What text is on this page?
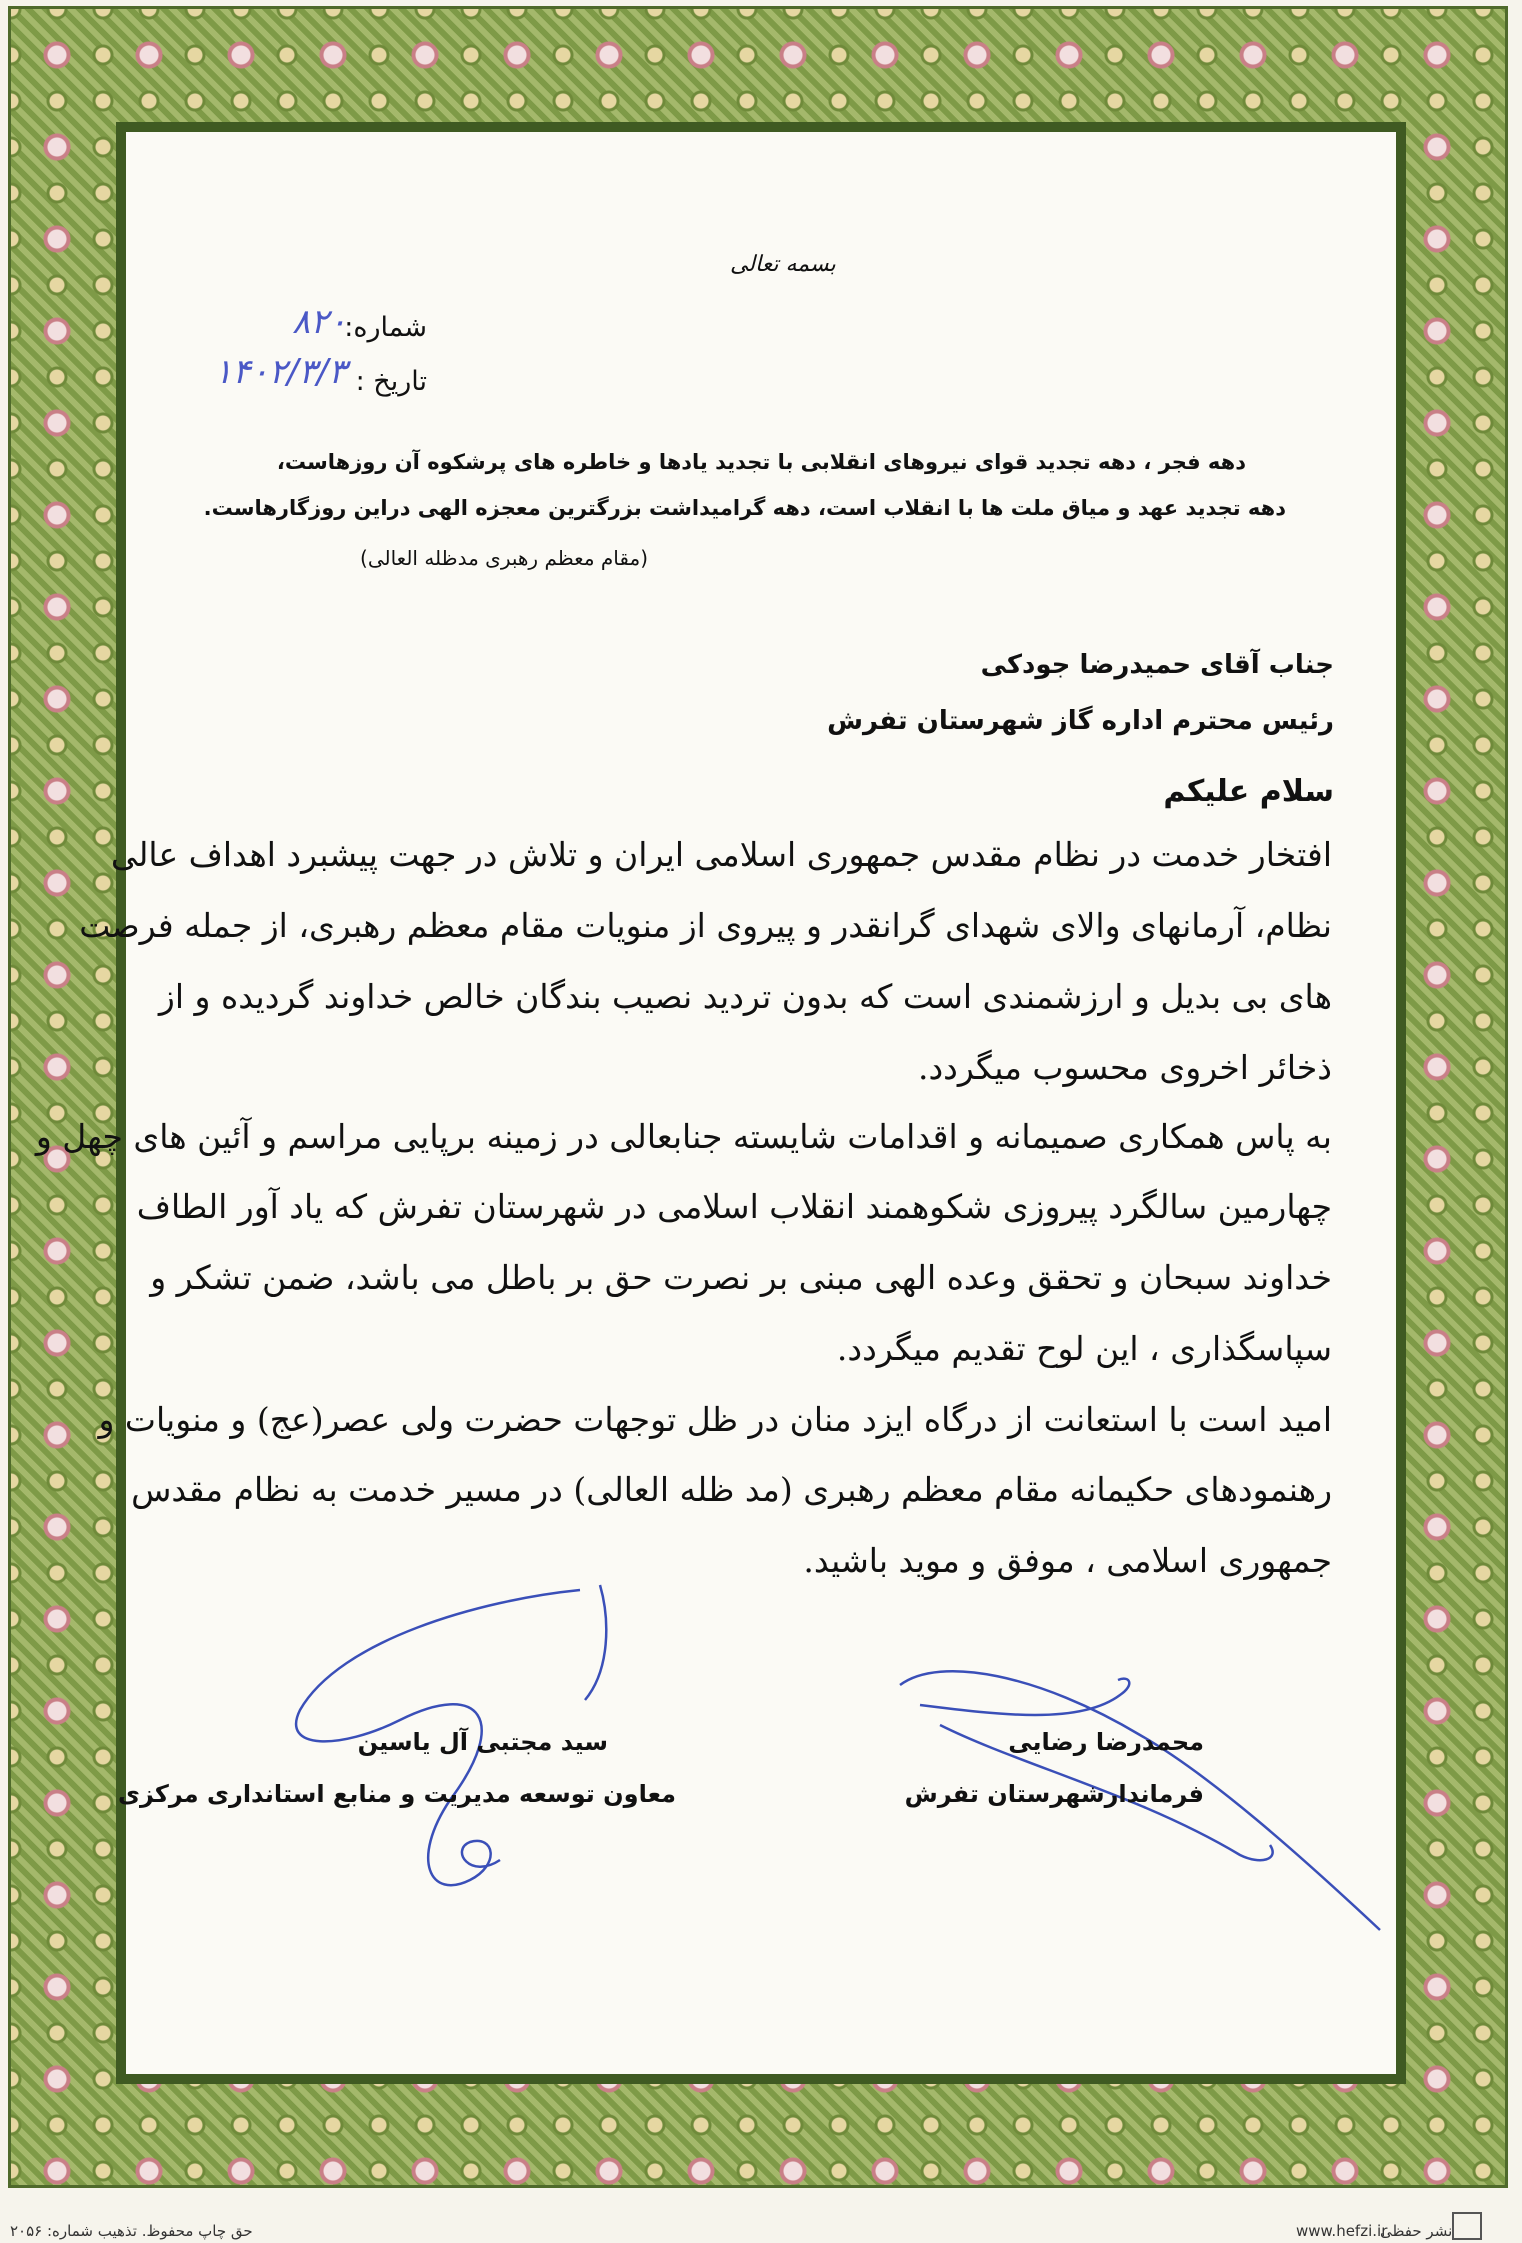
بسمه تعالی
شماره:
۸۲۰
تاریخ :
۱۴۰۲/۳/۳
دهه فجر ، دهه تجدید قوای نیروهای انقلابی با تجدید یادها و خاطره های پرشکوه آن روزهاست،
دهه تجدید عهد و میاق ملت ها با انقلاب است، دهه گرامیداشت بزرگترین معجزه الهی دراین روزگارهاست.
(مقام معظم رهبری مدظله العالی)
جناب آقای حمیدرضا جودکی
رئیس محترم اداره گاز شهرستان تفرش
سلام علیکم
افتخار خدمت در نظام مقدس جمهوری اسلامی ایران و تلاش در جهت پیشبرد اهداف عالی
نظام، آرمانهای والای شهدای گرانقدر و پیروی از منویات مقام معظم رهبری، از جمله فرصت
های بی بدیل و ارزشمندی است که بدون تردید نصیب بندگان خالص خداوند گردیده و از
ذخائر اخروی محسوب میگردد.
به پاس همکاری صمیمانه و اقدامات شایسته جنابعالی در زمینه برپایی مراسم و آئین های چهل و
چهارمین سالگرد پیروزی شکوهمند انقلاب اسلامی در شهرستان تفرش که یاد آور الطاف
خداوند سبحان و تحقق وعده الهی مبنی بر نصرت حق بر باطل می باشد، ضمن تشکر و
سپاسگذاری ، این لوح تقدیم میگردد.
امید است با استعانت از درگاه ایزد منان در ظل توجهات حضرت ولی عصر(عج) و منویات و
رهنمودهای حکیمانه مقام معظم رهبری (مد ظله العالی) در مسیر خدمت به نظام مقدس
جمهوری اسلامی ، موفق و موید باشید.
محمدرضا رضایی
فرماندارشهرستان تفرش
سید مجتبی آل یاسین
معاون توسعه مدیریت و منابع استانداری مرکزی
حق چاپ محفوظ. تذهیب شماره: ۲۰۵۶	www.hefzi.ir
نشر حفظی
